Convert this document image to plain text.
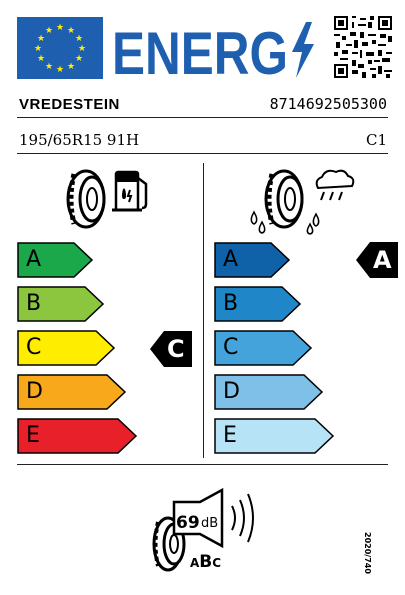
★ ★
★
★
★
★
★
★
★
★
★
★ ENERG
VREDESTEIN	8714692505300
195/65R15 91H	C1
A
B
C
D
E
A
B
C
D
E
C
A
69 dB
ABC	2020/740
